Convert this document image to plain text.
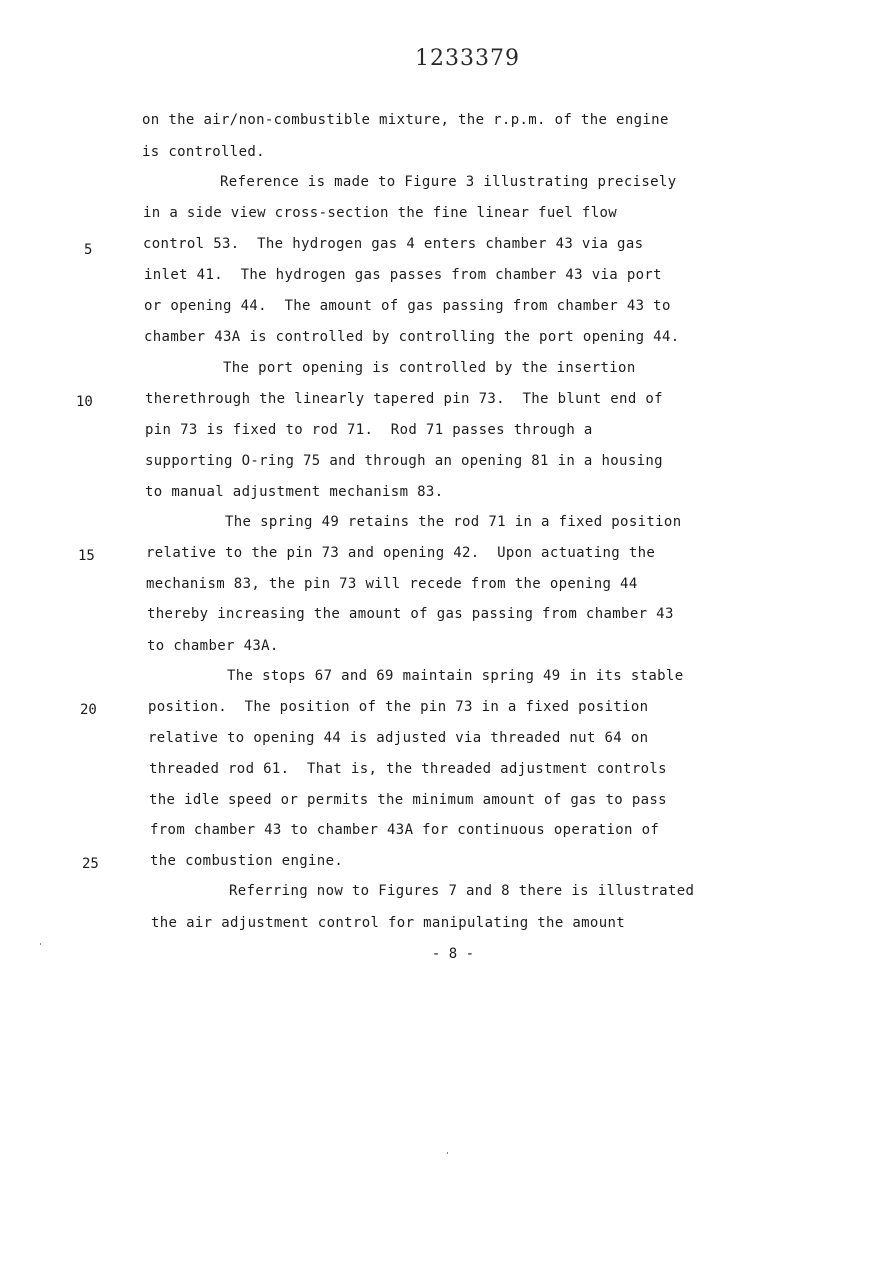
1233379
on the air/non-combustible mixture, the r.p.m. of the engine
is controlled.
Reference is made to Figure 3 illustrating precisely
in a side view cross-section the fine linear fuel flow
control 53.  The hydrogen gas 4 enters chamber 43 via gas
inlet 41.  The hydrogen gas passes from chamber 43 via port
or opening 44.  The amount of gas passing from chamber 43 to
chamber 43A is controlled by controlling the port opening 44.
The port opening is controlled by the insertion
therethrough the linearly tapered pin 73.  The blunt end of
pin 73 is fixed to rod 71.  Rod 71 passes through a
supporting O-ring 75 and through an opening 81 in a housing
to manual adjustment mechanism 83.
The spring 49 retains the rod 71 in a fixed position
relative to the pin 73 and opening 42.  Upon actuating the
mechanism 83, the pin 73 will recede from the opening 44
thereby increasing the amount of gas passing from chamber 43
to chamber 43A.
The stops 67 and 69 maintain spring 49 in its stable
position.  The position of the pin 73 in a fixed position
relative to opening 44 is adjusted via threaded nut 64 on
threaded rod 61.  That is, the threaded adjustment controls
the idle speed or permits the minimum amount of gas to pass
from chamber 43 to chamber 43A for continuous operation of
the combustion engine.
Referring now to Figures 7 and 8 there is illustrated
the air adjustment control for manipulating the amount
5
10
15
20
25
- 8 -
